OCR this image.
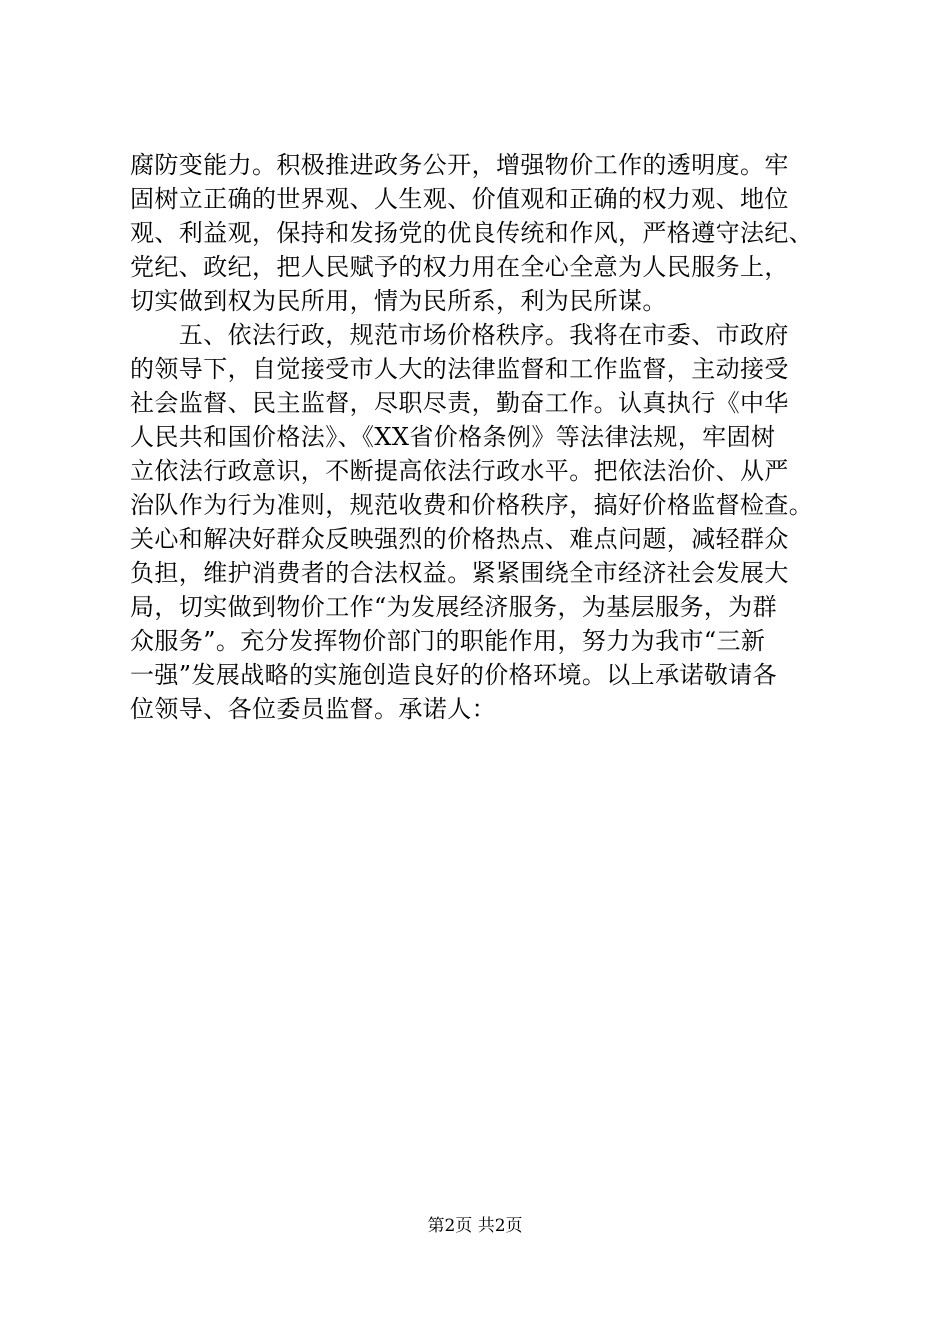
腐防变能力。积极推进政务公开，增强物价工作的透明度。牢
固树立正确的世界观、人生观、价值观和正确的权力观、地位
观、利益观，保持和发扬党的优良传统和作风，严格遵守法纪、
党纪、政纪，把人民赋予的权力用在全心全意为人民服务上，
切实做到权为民所用，情为民所系，利为民所谋。
　　五、依法行政，规范市场价格秩序。我将在市委、市政府
的领导下，自觉接受市人大的法律监督和工作监督，主动接受
社会监督、民主监督，尽职尽责，勤奋工作。认真执行《中华
人民共和国价格法》、《XX省价格条例》等法律法规，牢固树
立依法行政意识，不断提高依法行政水平。把依法治价、从严
治队作为行为准则，规范收费和价格秩序，搞好价格监督检查。
关心和解决好群众反映强烈的价格热点、难点问题，减轻群众
负担，维护消费者的合法权益。紧紧围绕全市经济社会发展大
局，切实做到物价工作“为发展经济服务，为基层服务，为群
众服务”。充分发挥物价部门的职能作用，努力为我市“三新
一强”发展战略的实施创造良好的价格环境。以上承诺敬请各
位领导、各位委员监督。承诺人：
第2页 共2页
